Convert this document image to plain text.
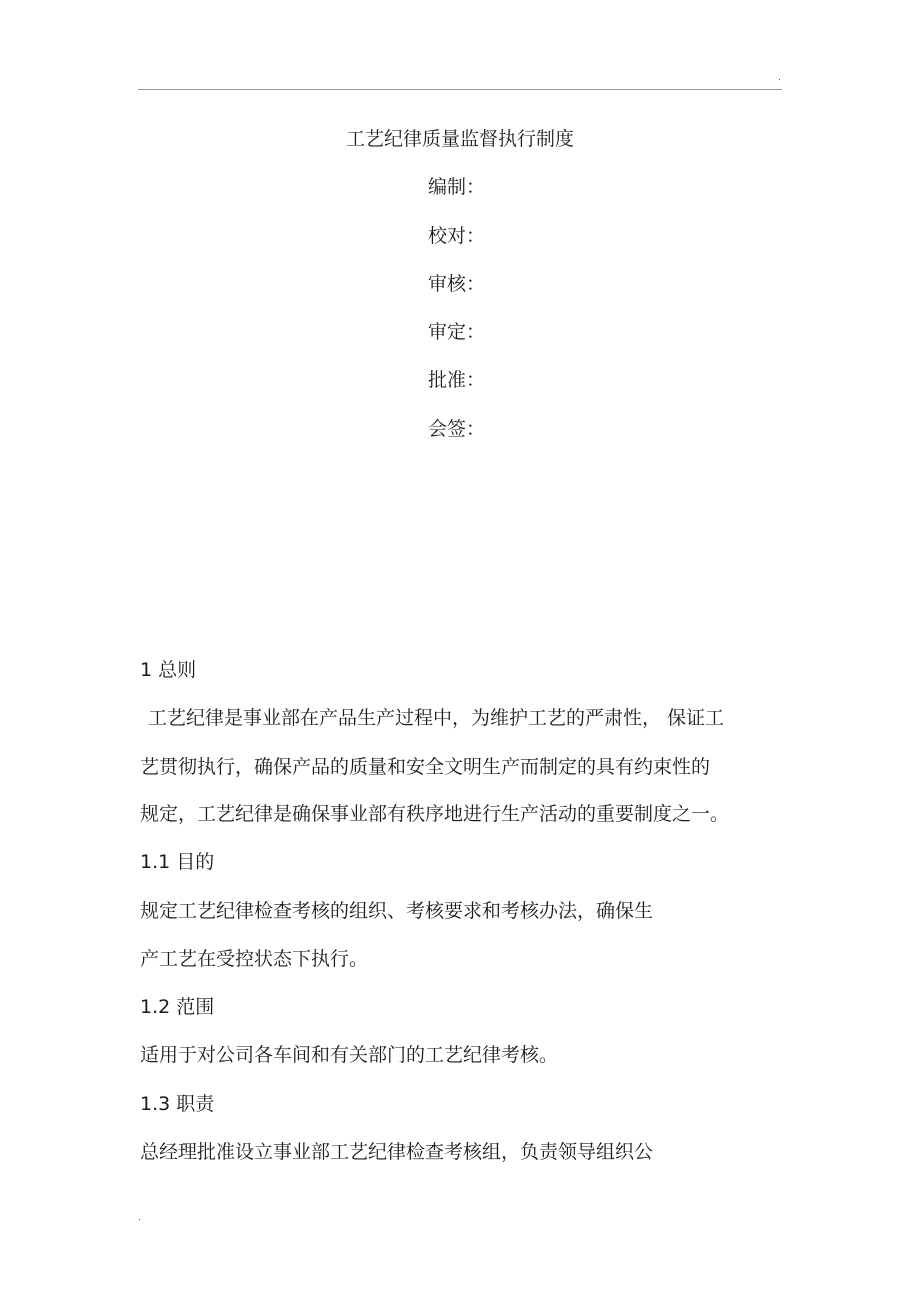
.
工艺纪律质量监督执行制度
编制：
校对：
审核：
审定：
批准：
会签：
1 总则
工艺纪律是事业部在产品生产过程中，为维护工艺的严肃性， 保证工
艺贯彻执行，确保产品的质量和安全文明生产而制定的具有约束性的
规定，工艺纪律是确保事业部有秩序地进行生产活动的重要制度之一。
1.1 目的
规定工艺纪律检查考核的组织、考核要求和考核办法，确保生
产工艺在受控状态下执行。
1.2 范围
适用于对公司各车间和有关部门的工艺纪律考核。
1.3 职责
总经理批准设立事业部工艺纪律检查考核组，负责领导组织公
.
